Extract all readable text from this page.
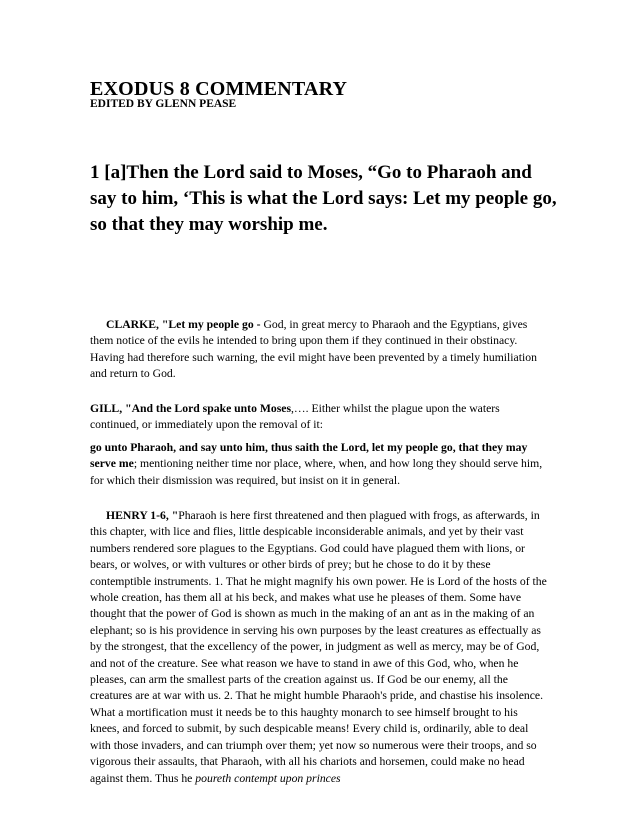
EXODUS 8 COMMENTARY
EDITED BY GLENN PEASE
1 [a]Then the Lord said to Moses, “Go to Pharaoh and say to him, ‘This is what the Lord says: Let my people go, so that they may worship me.
CLARKE, "Let my people go - God, in great mercy to Pharaoh and the Egyptians, gives them notice of the evils he intended to bring upon them if they continued in their obstinacy. Having had therefore such warning, the evil might have been prevented by a timely humiliation and return to God.
GILL, "And the Lord spake unto Moses,…. Either whilst the plague upon the waters continued, or immediately upon the removal of it:
go unto Pharaoh, and say unto him, thus saith the Lord, let my people go, that they may serve me; mentioning neither time nor place, where, when, and how long they should serve him, for which their dismission was required, but insist on it in general.
HENRY 1-6, "Pharaoh is here first threatened and then plagued with frogs, as afterwards, in this chapter, with lice and flies, little despicable inconsiderable animals, and yet by their vast numbers rendered sore plagues to the Egyptians. God could have plagued them with lions, or bears, or wolves, or with vultures or other birds of prey; but he chose to do it by these contemptible instruments. 1. That he might magnify his own power. He is Lord of the hosts of the whole creation, has them all at his beck, and makes what use he pleases of them. Some have thought that the power of God is shown as much in the making of an ant as in the making of an elephant; so is his providence in serving his own purposes by the least creatures as effectually as by the strongest, that the excellency of the power, in judgment as well as mercy, may be of God, and not of the creature. See what reason we have to stand in awe of this God, who, when he pleases, can arm the smallest parts of the creation against us. If God be our enemy, all the creatures are at war with us. 2. That he might humble Pharaoh's pride, and chastise his insolence. What a mortification must it needs be to this haughty monarch to see himself brought to his knees, and forced to submit, by such despicable means! Every child is, ordinarily, able to deal with those invaders, and can triumph over them; yet now so numerous were their troops, and so vigorous their assaults, that Pharaoh, with all his chariots and horsemen, could make no head against them. Thus he poureth contempt upon princes
